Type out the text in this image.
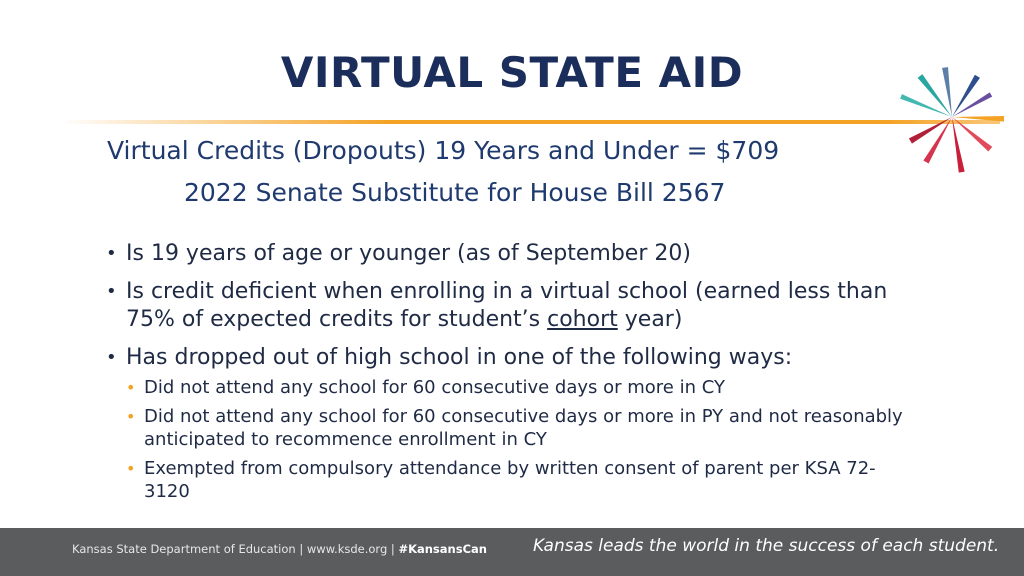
VIRTUAL STATE AID
Virtual Credits (Dropouts) 19 Years and Under = $709
2022 Senate Substitute for House Bill 2567
• Is 19 years of age or younger (as of September 20)
• Is credit deficient when enrolling in a virtual school (earned less than 75% of expected credits for student’s cohort year)
• Has dropped out of high school in one of the following ways:
• Did not attend any school for 60 consecutive days or more in CY
• Did not attend any school for 60 consecutive days or more in PY and not reasonably anticipated to recommence enrollment in CY
• Exempted from compulsory attendance by written consent of parent per KSA 72-3120
Kansas State Department of Education | www.ksde.org | #KansansCan	Kansas leads the world in the success of each student.
